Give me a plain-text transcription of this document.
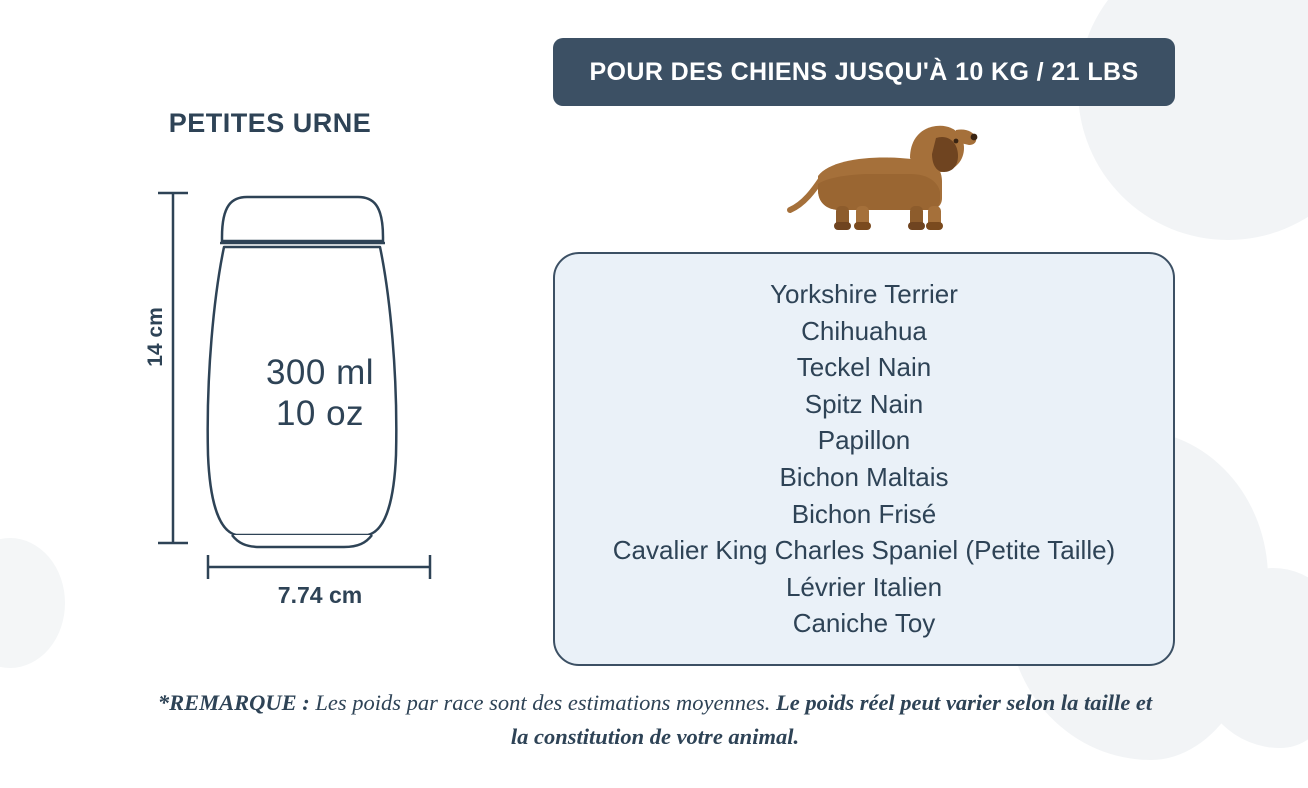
PETITES URNE
300 ml
10 oz
14 cm
7.74 cm
POUR DES CHIENS JUSQU'À 10 KG / 21 LBS
Yorkshire Terrier
Chihuahua
Teckel Nain
Spitz Nain
Papillon
Bichon Maltais
Bichon Frisé
Cavalier King Charles Spaniel (Petite Taille)
Lévrier Italien
Caniche Toy
*REMARQUE : Les poids par race sont des estimations moyennes. Le poids réel peut varier selon la taille et la constitution de votre animal.
